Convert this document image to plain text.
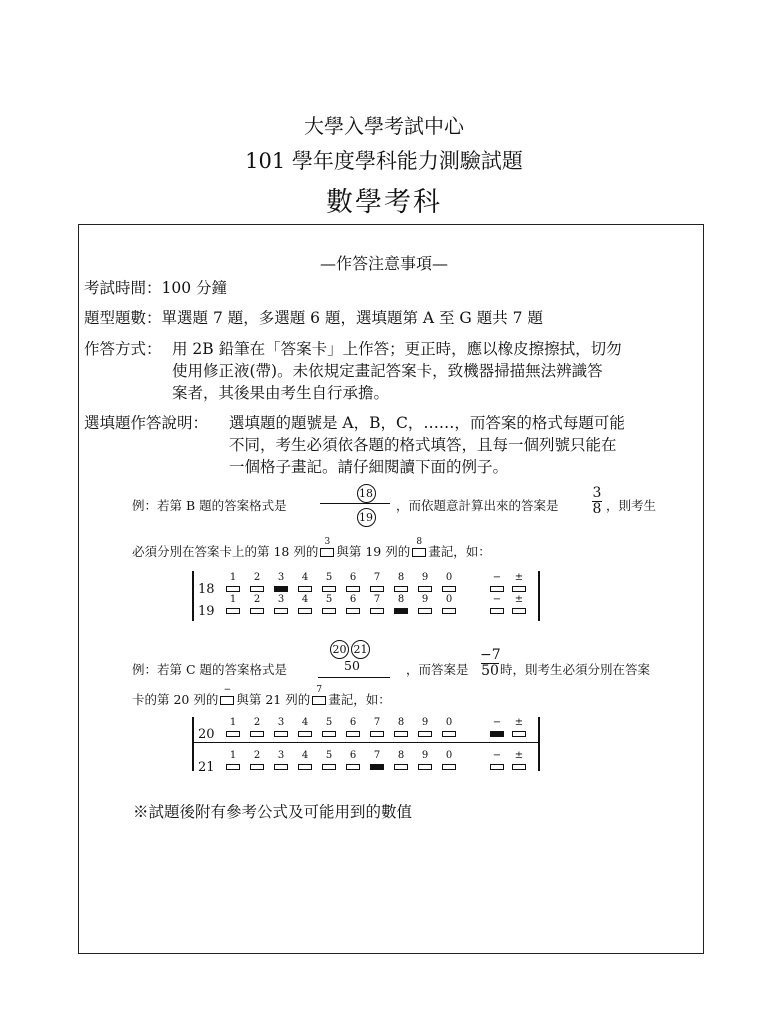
大學入學考試中心
101 學年度學科能力測驗試題
數學考科
—作答注意事項—
考試時間：100 分鐘
題型題數：單選題 7 題，多選題 6 題，選填題第 A 至 G 題共 7 題
作答方式： 用 2B 鉛筆在「答案卡」上作答；更正時，應以橡皮擦擦拭，切勿
使用修正液(帶)。未依規定畫記答案卡，致機器掃描無法辨識答
案者，其後果由考生自行承擔。
選填題作答說明： 選填題的題號是 A，B，C，……，而答案的格式每題可能
不同，考生必須依各題的格式填答，且每一個列號只能在
一個格子畫記。請仔細閱讀下面的例子。
例：若第 B 題的答案格式是
18
19
，而依題意計算出來的答案是
3
8 ，則考生
必須分別在答案卡上的第 18 列的
3
與第 19 列的
8
畫記，如：
18
1	2	3	4	5	6	7	8	9	0	− ±
19
1	2	3	4	5	6	7	8	9	0	− ±
20 21
50
例：若第 C 題的答案格式是	，而答案是
−7
50 時，則考生必須分別在答案
卡的第 20 列的
−
與第 21 列的
7
畫記，如：
20
1	2	3	4	5	6	7	8	9	0	− ±
21
1	2	3	4	5	6	7	8	9	0	− ±
※試題後附有參考公式及可能用到的數值
